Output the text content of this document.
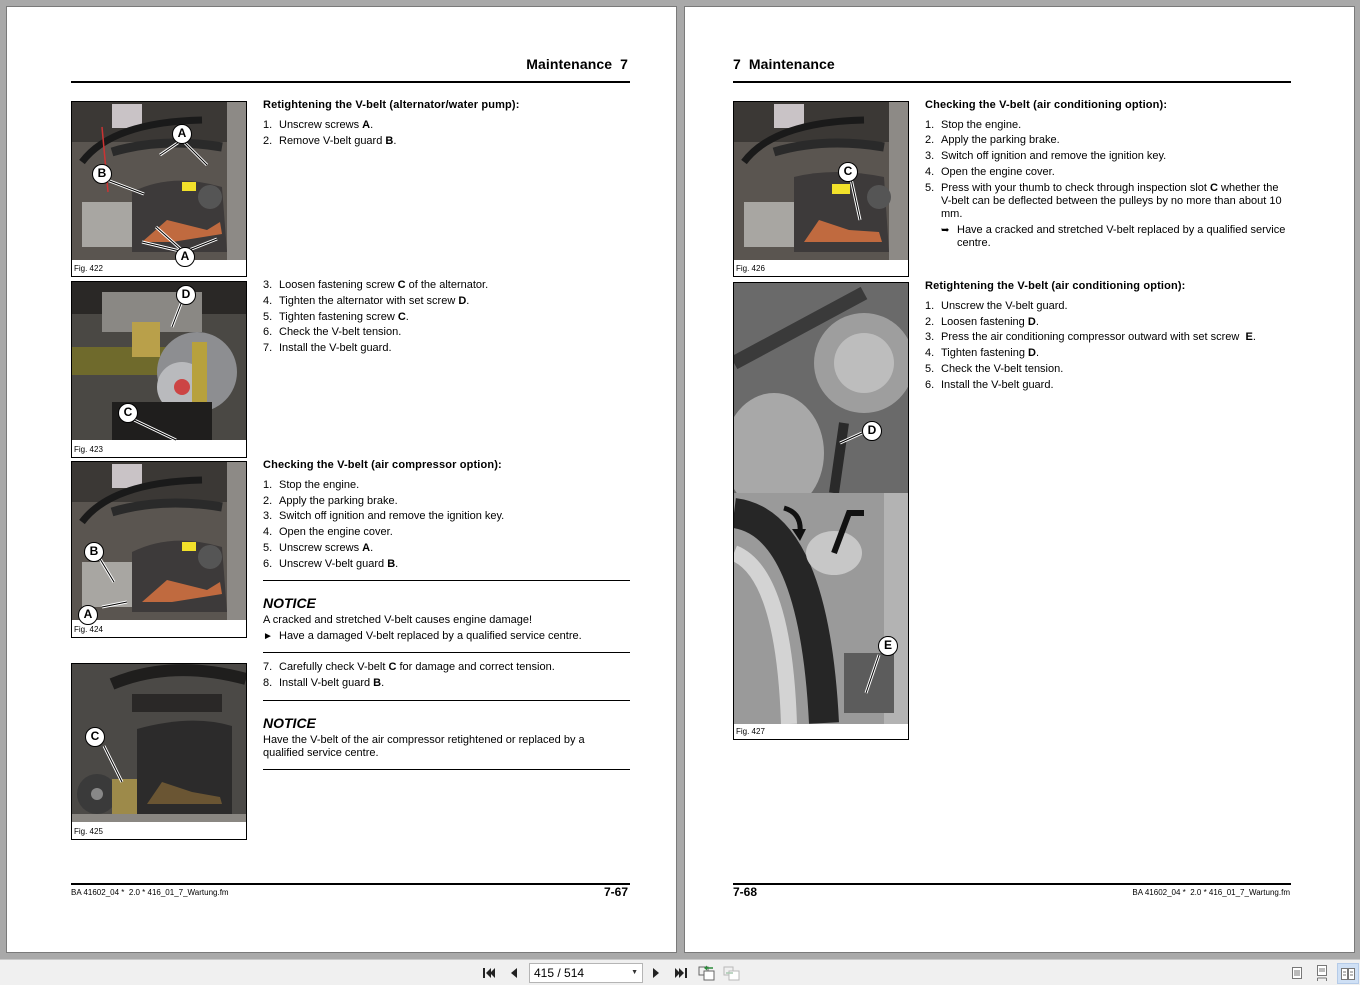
Maintenance  7
A
B
A
Fig. 422
D
C
Fig. 423
B
A
Fig. 424
C
Fig. 425
Retightening the V-belt (alternator/water pump):
1. Unscrew screws A.
2. Remove V-belt guard B.
3. Loosen fastening screw C of the alternator.
4. Tighten the alternator with set screw D.
5. Tighten fastening screw C.
6. Check the V-belt tension.
7. Install the V-belt guard.
Checking the V-belt (air compressor option):
1. Stop the engine.
2. Apply the parking brake.
3. Switch off ignition and remove the ignition key.
4. Open the engine cover.
5. Unscrew screws A.
6. Unscrew V-belt guard B.
NOTICE
A cracked and stretched V-belt causes engine damage!
► Have a damaged V-belt replaced by a qualified service centre.
7. Carefully check V-belt C for damage and correct tension.
8. Install V-belt guard B.
NOTICE
Have the V-belt of the air compressor retightened or replaced by a qualified service centre.
BA 41602_04 *  2.0 * 416_01_7_Wartung.fm	7-67
7  Maintenance
C
Fig. 426
D
E
Fig. 427
Checking the V-belt (air conditioning option):
1. Stop the engine.
2. Apply the parking brake.
3. Switch off ignition and remove the ignition key.
4. Open the engine cover.
5. Press with your thumb to check through inspection slot C whether the V-belt can be deflected between the pulleys by no more than about 10 mm.
➥ Have a cracked and stretched V-belt replaced by a qualified service centre.
Retightening the V-belt (air conditioning option):
1. Unscrew the V-belt guard.
2. Loosen fastening D.
3. Press the air conditioning compressor outward with set screw  E.
4. Tighten fastening D.
5. Check the V-belt tension.
6. Install the V-belt guard.
7-68	BA 41602_04 *  2.0 * 416_01_7_Wartung.fm
415 / 514	▼
